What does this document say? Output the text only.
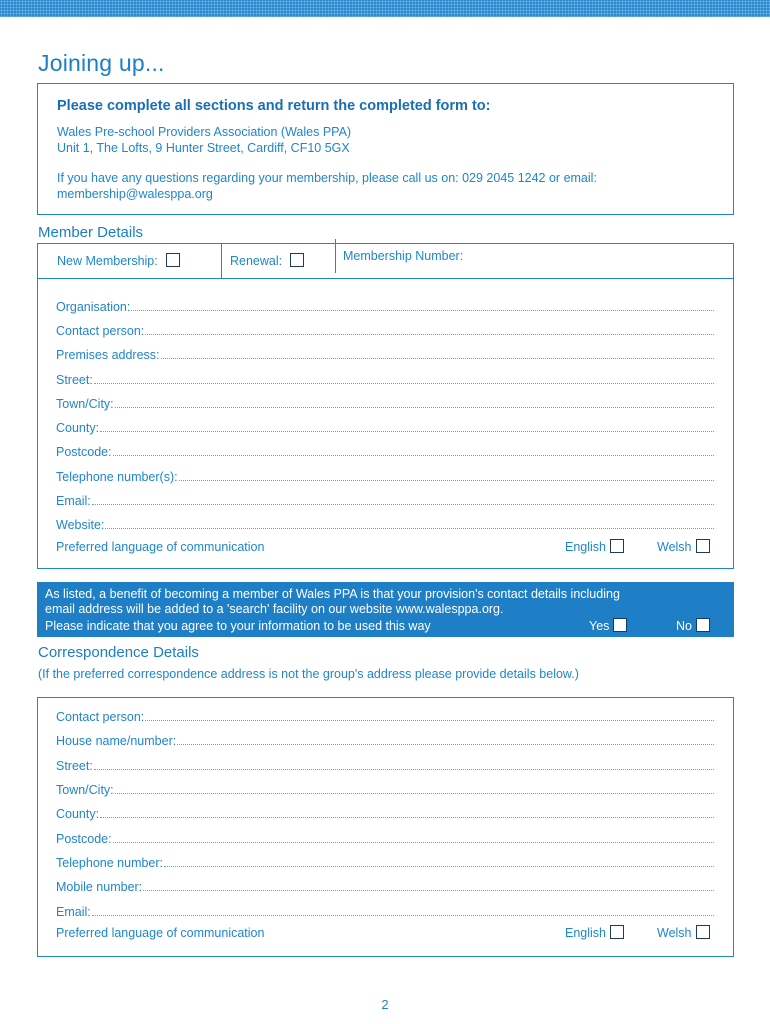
Joining up...
Please complete all sections and return the completed form to:
Wales Pre-school Providers Association (Wales PPA)
Unit 1, The Lofts, 9 Hunter Street, Cardiff, CF10 5GX
If you have any questions regarding your membership, please call us on: 029 2045 1242 or email:
membership@walesppa.org
Member Details
New Membership:	Renewal:	Membership Number:
Organisation:
Contact person:
Premises address:
Street:
Town/City:
County:
Postcode:
Telephone number(s):
Email:
Website:
Preferred language of communication	English	Welsh
As listed, a benefit of becoming a member of Wales PPA is that your provision's contact details including
email address will be added to a 'search' facility on our website www.walesppa.org.
Please indicate that you agree to your information to be used this way	Yes	No
Correspondence Details
(If the preferred correspondence address is not the group's address please provide details below.)
Contact person:
House name/number:
Street:
Town/City:
County:
Postcode:
Telephone number:
Mobile number:
Email:
Preferred language of communication	English	Welsh
2
